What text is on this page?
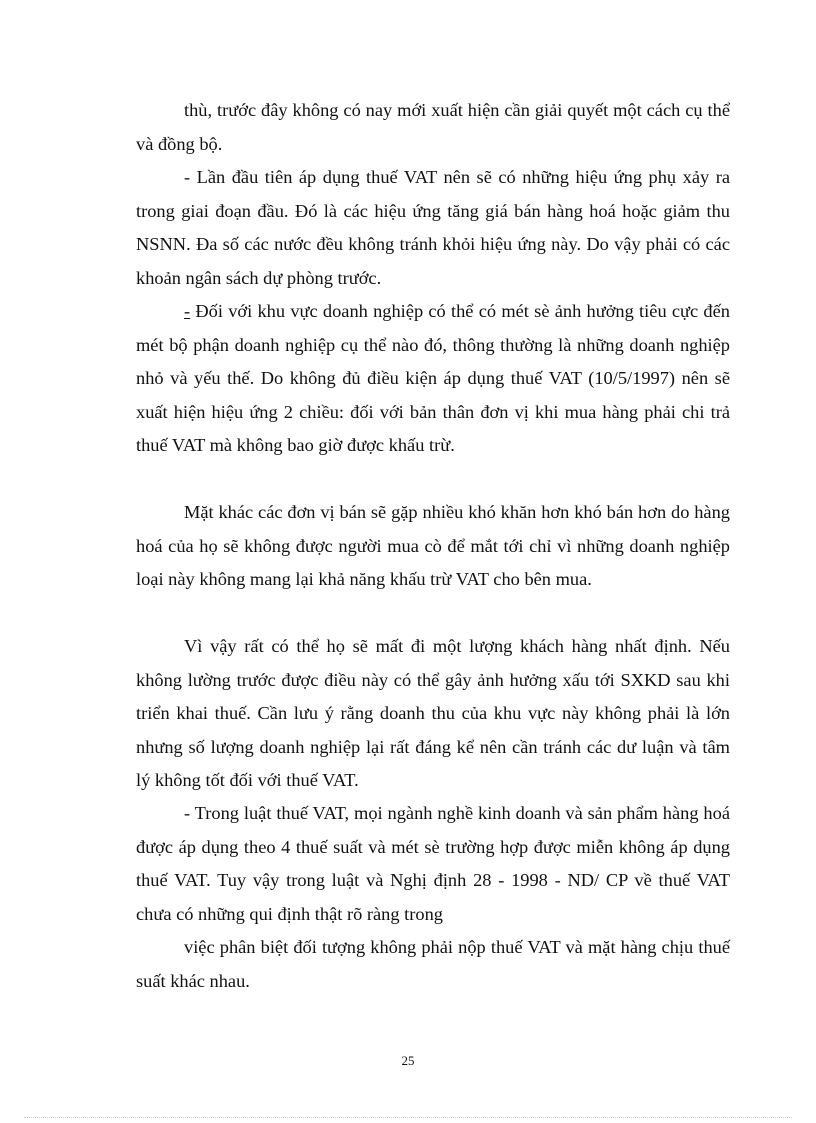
thù, trước đây không có nay mới xuất hiện cần giải quyết một cách cụ thể và đồng bộ.

- Lần đầu tiên áp dụng thuế VAT nên sẽ có những hiệu ứng phụ xảy ra trong giai đoạn đầu. Đó là các hiệu ứng tăng giá bán hàng hoá hoặc giảm thu NSNN. Đa số các nước đều không tránh khỏi hiệu ứng này. Do vậy phải có các khoản ngân sách dự phòng trước.

- Đối với khu vực doanh nghiệp có thể có mét sè ảnh hưởng tiêu cực đến mét bộ phận doanh nghiệp cụ thể nào đó, thông thường là những doanh nghiệp nhỏ và yếu thế. Do không đủ điều kiện áp dụng thuế VAT (10/5/1997) nên sẽ xuất hiện hiệu ứng 2 chiều: đối với bản thân đơn vị khi mua hàng phải chi trả thuế VAT mà không bao giờ được khấu trừ.

Mặt khác các đơn vị bán sẽ gặp nhiều khó khăn hơn khó bán hơn do hàng hoá của họ sẽ không được người mua cò để mắt tới chỉ vì những doanh nghiệp loại này không mang lại khả năng khấu trừ VAT cho bên mua.

Vì vậy rất có thể họ sẽ mất đi một lượng khách hàng nhất định. Nếu không lường trước được điều này có thể gây ảnh hưởng xấu tới SXKD sau khi triển khai thuế. Cần lưu ý rằng doanh thu của khu vực này không phải là lớn nhưng số lượng doanh nghiệp lại rất đáng kể nên cần tránh các dư luận và tâm lý không tốt đối với thuế VAT.

- Trong luật thuế VAT, mọi ngành nghề kinh doanh và sản phẩm hàng hoá được áp dụng theo 4 thuế suất và mét sè trường hợp được miễn không áp dụng thuế VAT. Tuy vậy trong luật và Nghị định 28 - 1998 - ND/ CP về thuế VAT chưa có những qui định thật rõ ràng trong

việc phân biệt đối tượng không phải nộp thuế VAT và mặt hàng chịu thuế suất khác nhau.

25
